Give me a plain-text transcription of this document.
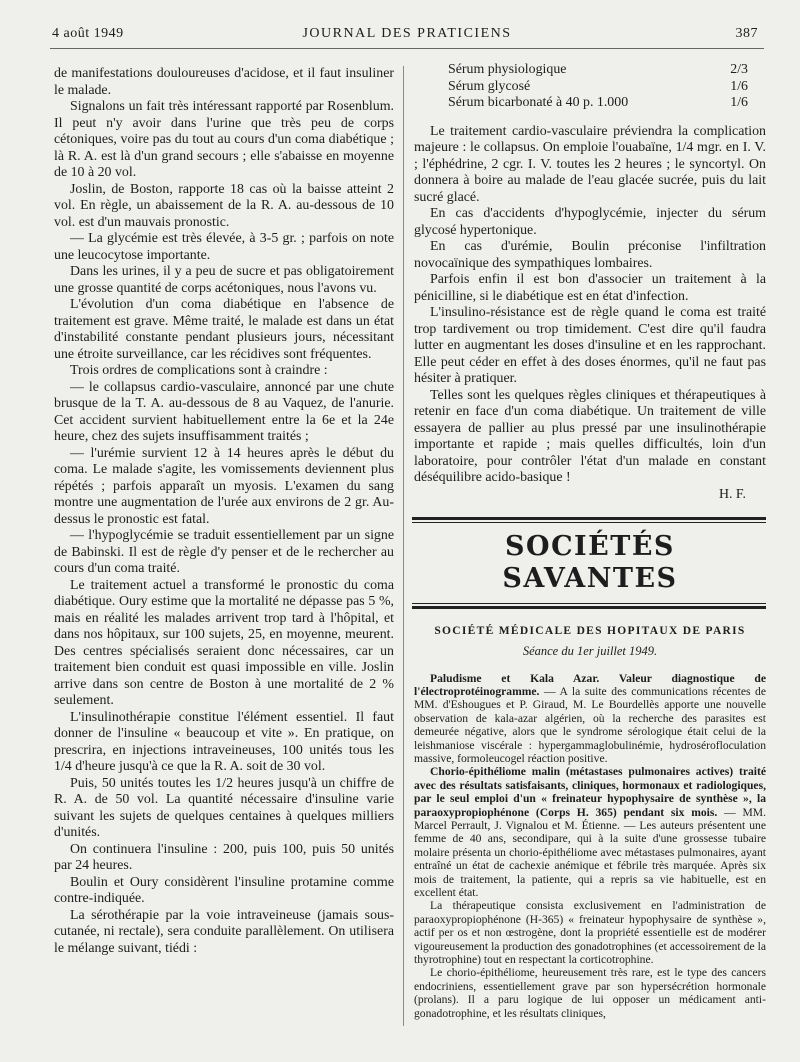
4 août 1949	JOURNAL DES PRATICIENS	387

de manifestations douloureuses d'acidose, et il faut insuliner le malade.

Signalons un fait très intéressant rapporté par Rosenblum. Il peut n'y avoir dans l'urine que très peu de corps cétoniques, voire pas du tout au cours d'un coma diabétique ; là R. A. est là d'un grand secours ; elle s'abaisse en moyenne de 10 à 20 vol.

Joslin, de Boston, rapporte 18 cas où la baisse atteint 2 vol. En règle, un abaissement de la R. A. au-dessous de 10 vol. est d'un mauvais pronostic.

— La glycémie est très élevée, à 3-5 gr. ; parfois on note une leucocytose importante.

Dans les urines, il y a peu de sucre et pas obligatoirement une grosse quantité de corps acétoniques, nous l'avons vu.

L'évolution d'un coma diabétique en l'absence de traitement est grave. Même traité, le malade est dans un état d'instabilité constante pendant plusieurs jours, nécessitant une étroite surveillance, car les récidives sont fréquentes.

Trois ordres de complications sont à craindre :

— le collapsus cardio-vasculaire, annoncé par une chute brusque de la T. A. au-dessous de 8 au Vaquez, de l'anurie. Cet accident survient habituellement entre la 6e et la 24e heure, chez des sujets insuffisamment traités ;

— l'urémie survient 12 à 14 heures après le début du coma. Le malade s'agite, les vomissements deviennent plus répétés ; parfois apparaît un myosis. L'examen du sang montre une augmentation de l'urée aux environs de 2 gr. Au-dessus le pronostic est fatal.

— l'hypoglycémie se traduit essentiellement par un signe de Babinski. Il est de règle d'y penser et de le rechercher au cours d'un coma traité.

Le traitement actuel a transformé le pronostic du coma diabétique. Oury estime que la mortalité ne dépasse pas 5 %, mais en réalité les malades arrivent trop tard à l'hôpital, et dans nos hôpitaux, sur 100 sujets, 25, en moyenne, meurent. Des centres spécialisés seraient donc nécessaires, car un traitement bien conduit est quasi impossible en ville. Joslin arrive dans son centre de Boston à une mortalité de 2 % seulement.

L'insulinothérapie constitue l'élément essentiel. Il faut donner de l'insuline « beaucoup et vite ». En pratique, on prescrira, en injections intraveineuses, 100 unités tous les 1/4 d'heure jusqu'à ce que la R. A. soit de 30 vol.

Puis, 50 unités toutes les 1/2 heures jusqu'à un chiffre de R. A. de 50 vol. La quantité nécessaire d'insuline varie suivant les sujets de quelques centaines à quelques milliers d'unités.

On continuera l'insuline : 200, puis 100, puis 50 unités par 24 heures.

Boulin et Oury considèrent l'insuline protamine comme contre-indiquée.

La sérothérapie par la voie intraveineuse (jamais sous-cutanée, ni rectale), sera conduite parallèlement. On utilisera le mélange suivant, tiédi :

Sérum physiologique	2/3
Sérum glycosé	1/6
Sérum bicarbonaté à 40 p. 1.000	1/6

Le traitement cardio-vasculaire préviendra la complication majeure : le collapsus. On emploie l'ouabaïne, 1/4 mgr. en I. V. ; l'éphédrine, 2 cgr. I. V. toutes les 2 heures ; le syncortyl. On donnera à boire au malade de l'eau glacée sucrée, puis du lait sucré glacé.

En cas d'accidents d'hypoglycémie, injecter du sérum glycosé hypertonique.

En cas d'urémie, Boulin préconise l'infiltration novocaïnique des sympathiques lombaires.

Parfois enfin il est bon d'associer un traitement à la pénicilline, si le diabétique est en état d'infection.

L'insulino-résistance est de règle quand le coma est traité trop tardivement ou trop timidement. C'est dire qu'il faudra lutter en augmentant les doses d'insuline et en les rapprochant. Elle peut céder en effet à des doses énormes, qu'il ne faut pas hésiter à pratiquer.

Telles sont les quelques règles cliniques et thérapeutiques à retenir en face d'un coma diabétique. Un traitement de ville essayera de pallier au plus pressé par une insulinothérapie importante et rapide ; mais quelles difficultés, loin d'un laboratoire, pour contrôler l'état d'un malade en constant déséquilibre acido-basique !

H. F.

SOCIÉTÉS SAVANTES
SOCIÉTÉ MÉDICALE DES HOPITAUX DE PARIS
Séance du 1er juillet 1949.

Paludisme et Kala Azar. Valeur diagnostique de l'électroprotéinogramme. — A la suite des communications récentes de MM. d'Eshougues et P. Giraud, M. Le Bourdellès apporte une nouvelle observation de kala-azar algérien, où la recherche des parasites est demeurée négative, alors que le syndrome sérologique était celui de la leishmaniose viscérale : hypergammaglobulinémie, hydrosérofloculation massive, formoleucogel réaction positive.

Chorio-épithéliome malin (métastases pulmonaires actives) traité avec des résultats satisfaisants, cliniques, hormonaux et radiologiques, par le seul emploi d'un « freinateur hypophysaire de synthèse », la paraoxypropiophénone (Corps H. 365) pendant six mois. — MM. Marcel Perrault, J. Vignalou et M. Étienne. — Les auteurs présentent une femme de 40 ans, secondipare, qui à la suite d'une grossesse tubaire molaire présenta un chorio-épithéliome avec métastases pulmonaires, ayant entraîné un état de cachexie anémique et fébrile très marquée. Après six mois de traitement, la patiente, qui a repris sa vie habituelle, est en excellent état.

La thérapeutique consista exclusivement en l'administration de paraoxypropiophénone (H-365) « freinateur hypophysaire de synthèse », actif per os et non œstrogène, dont la propriété essentielle est de modérer vigoureusement la production des gonadotrophines (et accessoirement de la thyrotrophine) tout en respectant la corticotrophine.

Le chorio-épithéliome, heureusement très rare, est le type des cancers endocriniens, essentiellement grave par son hypersécrétion hormonale (prolans). Il a paru logique de lui opposer un médicament anti-gonadotrophine, et les résultats cliniques,
